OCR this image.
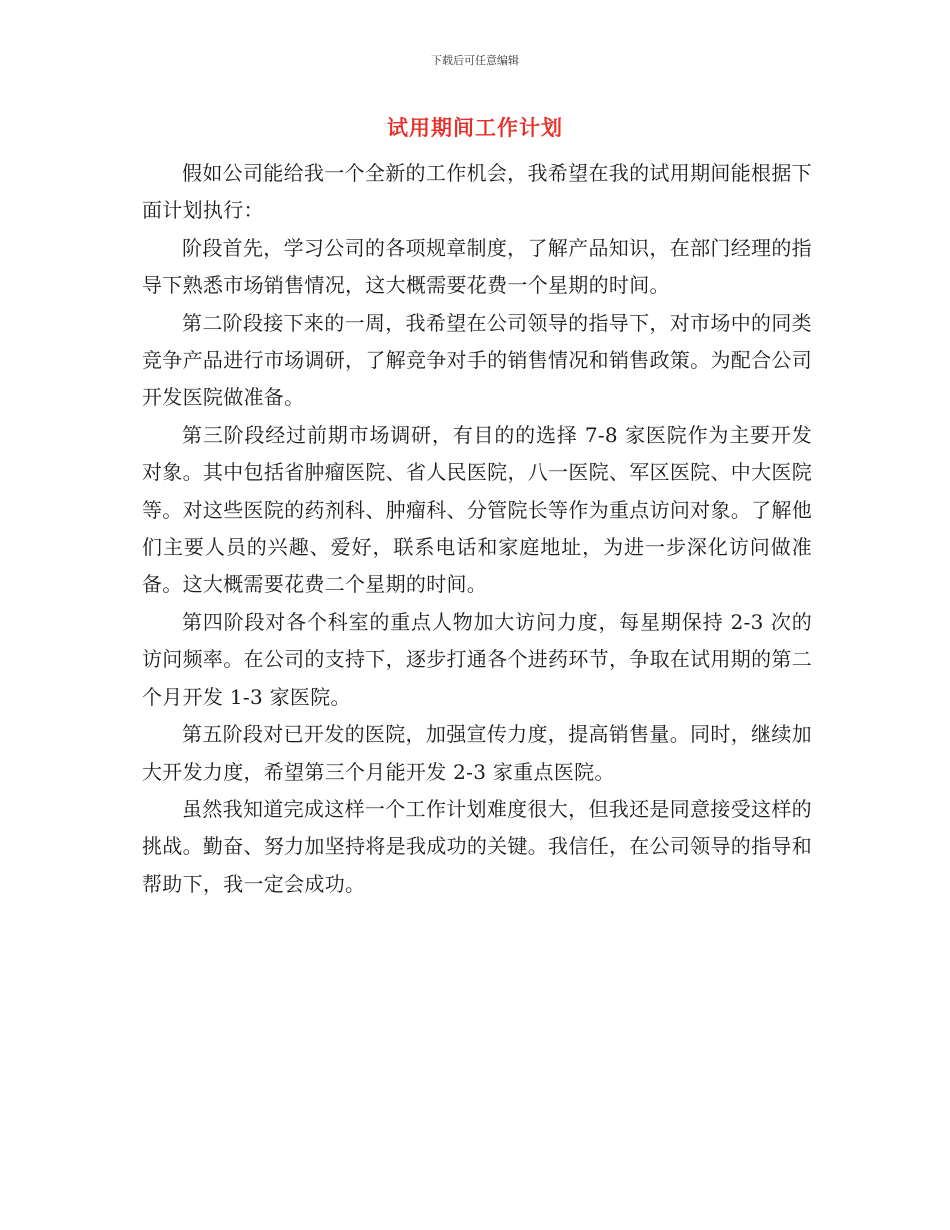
下载后可任意编辑
试用期间工作计划

假如公司能给我一个全新的工作机会，我希望在我的试用期间能根据下面计划执行：

阶段首先，学习公司的各项规章制度，了解产品知识，在部门经理的指导下熟悉市场销售情况，这大概需要花费一个星期的时间。

第二阶段接下来的一周，我希望在公司领导的指导下，对市场中的同类竞争产品进行市场调研，了解竞争对手的销售情况和销售政策。为配合公司开发医院做准备。

第三阶段经过前期市场调研，有目的的选择 7-8 家医院作为主要开发对象。其中包括省肿瘤医院、省人民医院，八一医院、军区医院、中大医院等。对这些医院的药剂科、肿瘤科、分管院长等作为重点访问对象。了解他们主要人员的兴趣、爱好，联系电话和家庭地址，为进一步深化访问做准备。这大概需要花费二个星期的时间。

第四阶段对各个科室的重点人物加大访问力度，每星期保持 2-3 次的访问频率。在公司的支持下，逐步打通各个进药环节，争取在试用期的第二个月开发 1-3 家医院。

第五阶段对已开发的医院，加强宣传力度，提高销售量。同时，继续加大开发力度，希望第三个月能开发 2-3 家重点医院。

虽然我知道完成这样一个工作计划难度很大，但我还是同意接受这样的挑战。勤奋、努力加坚持将是我成功的关键。我信任，在公司领导的指导和帮助下，我一定会成功。
